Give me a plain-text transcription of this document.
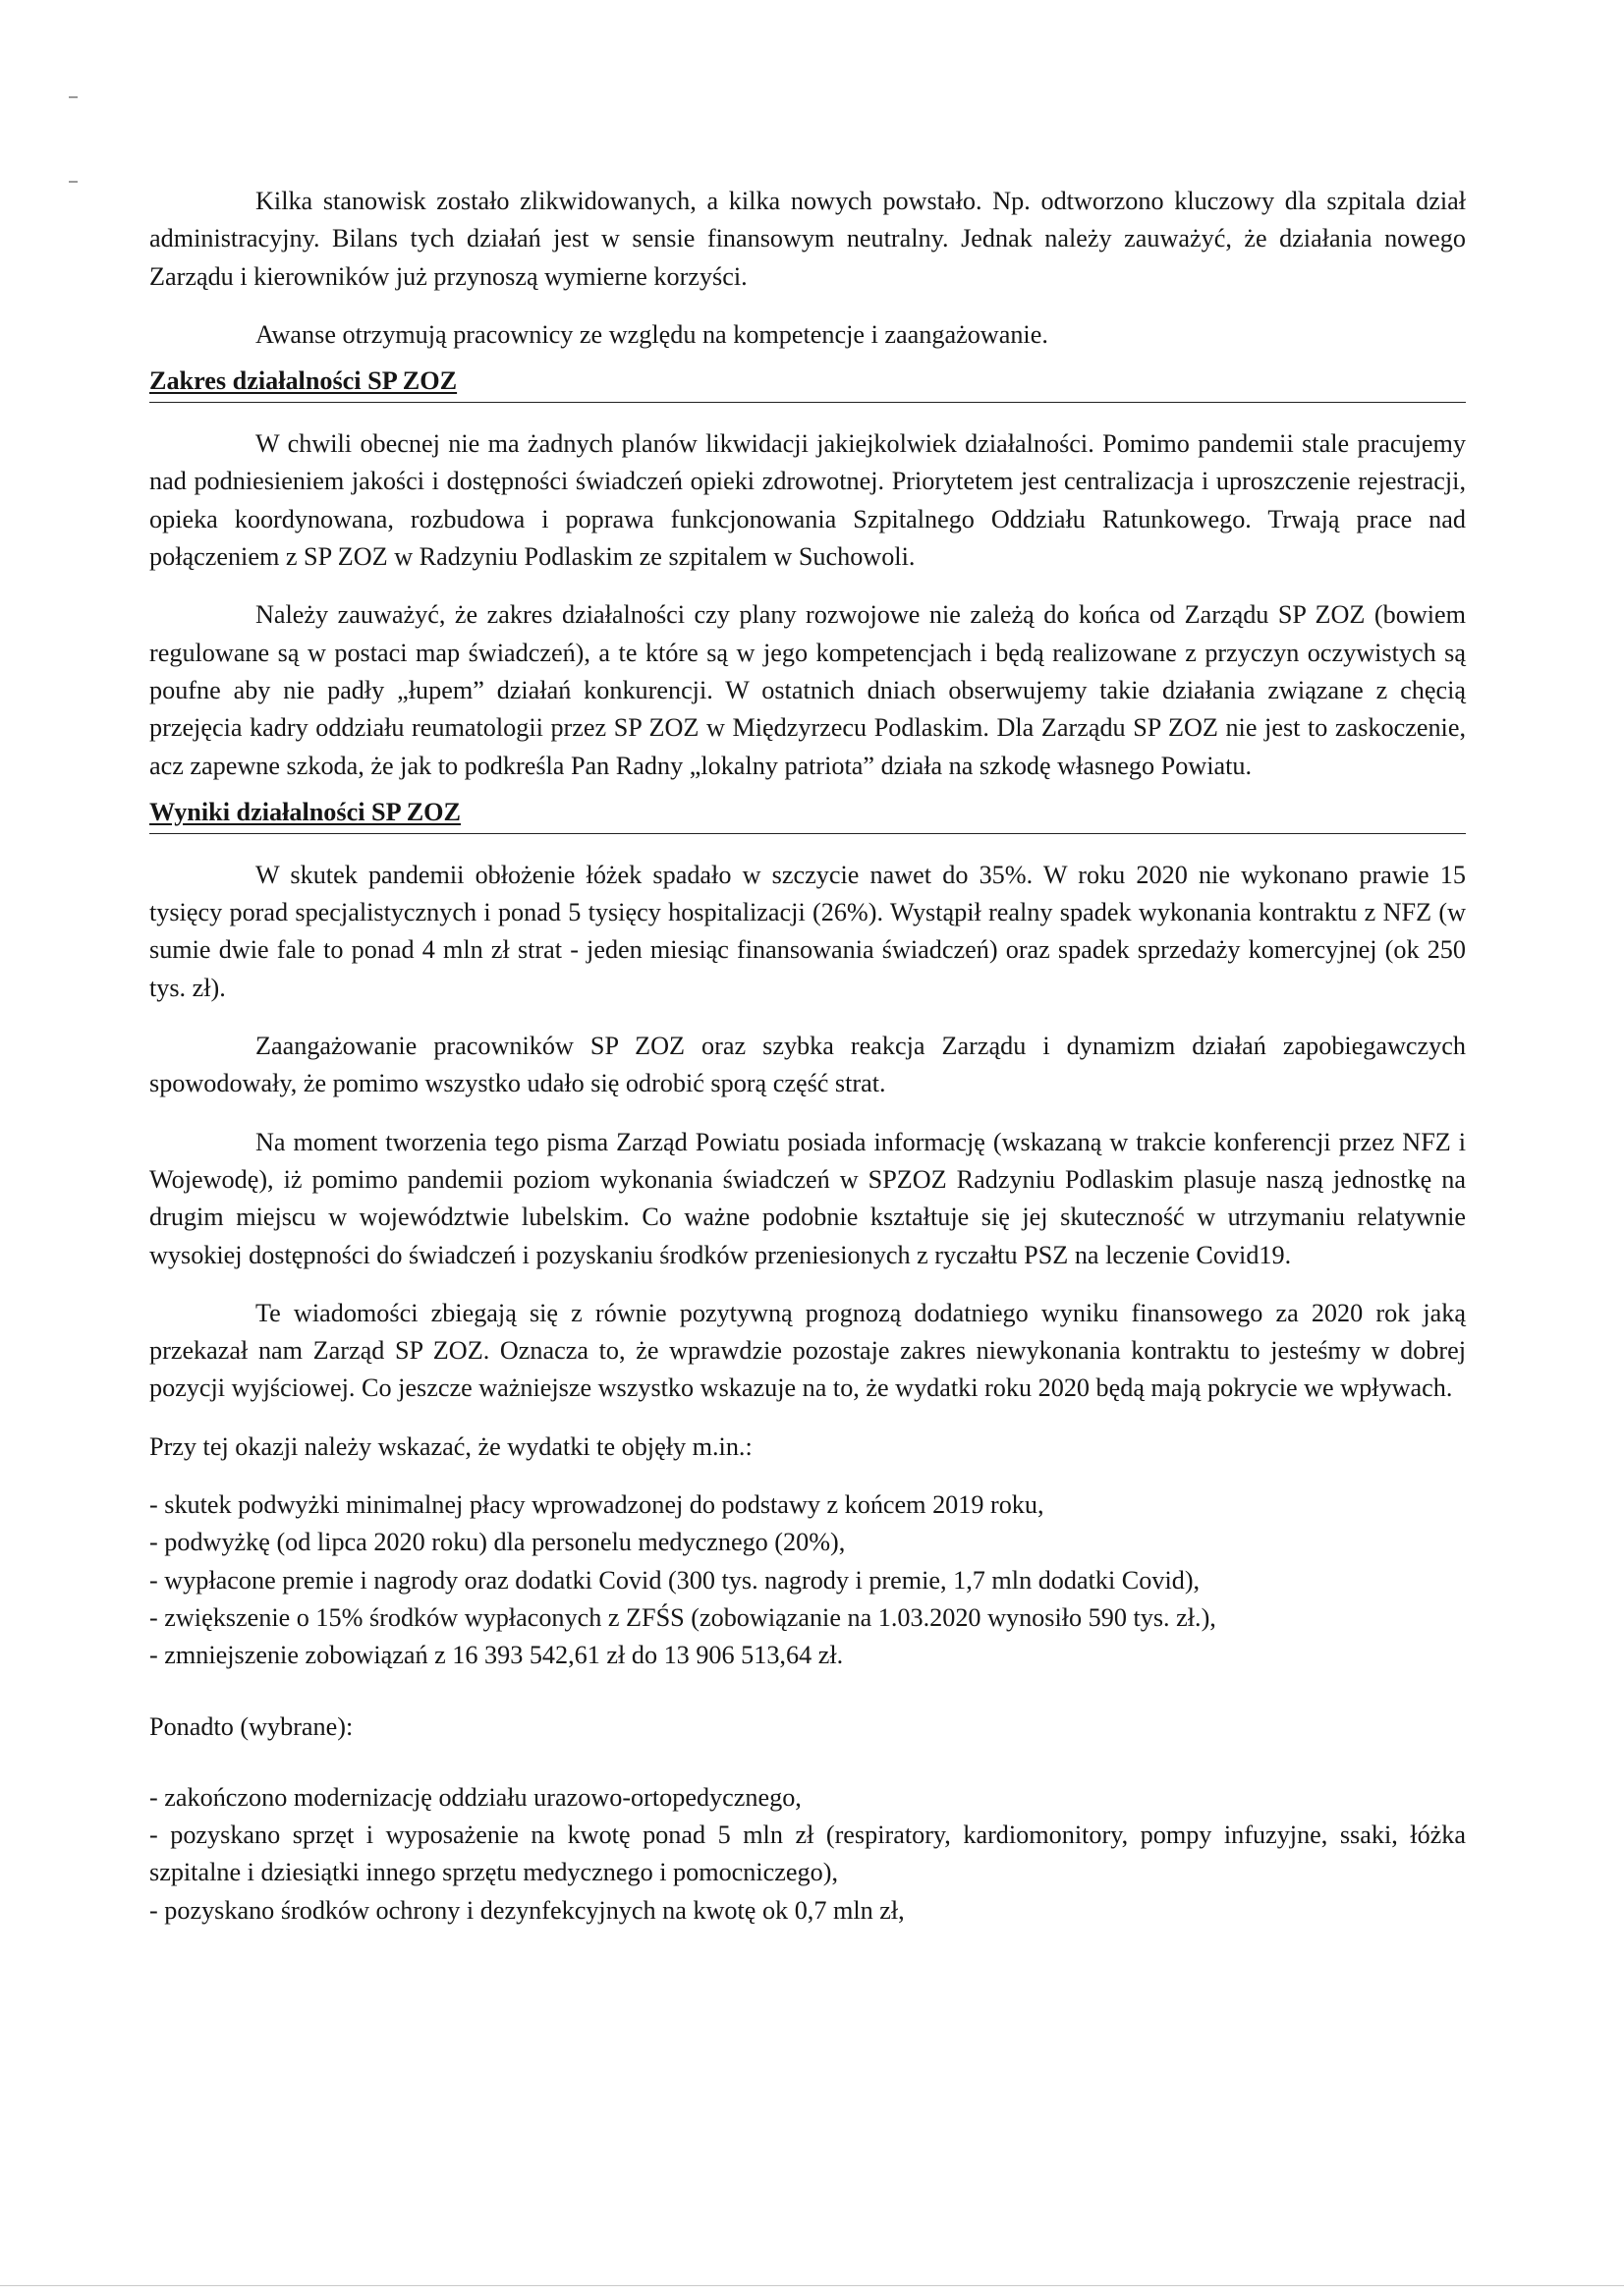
Kilka stanowisk zostało zlikwidowanych, a kilka nowych powstało. Np. odtworzono kluczowy dla szpitala dział administracyjny. Bilans tych działań jest w sensie finansowym neutralny. Jednak należy zauważyć, że działania nowego Zarządu i kierowników już przynoszą wymierne korzyści.

Awanse otrzymują pracownicy ze względu na kompetencje i zaangażowanie.

Zakres działalności SP ZOZ

W chwili obecnej nie ma żadnych planów likwidacji jakiejkolwiek działalności. Pomimo pandemii stale pracujemy nad podniesieniem jakości i dostępności świadczeń opieki zdrowotnej. Priorytetem jest centralizacja i uproszczenie rejestracji, opieka koordynowana, rozbudowa i poprawa funkcjonowania Szpitalnego Oddziału Ratunkowego. Trwają prace nad połączeniem z SP ZOZ w Radzyniu Podlaskim ze szpitalem w Suchowoli.

Należy zauważyć, że zakres działalności czy plany rozwojowe nie zależą do końca od Zarządu SP ZOZ (bowiem regulowane są w postaci map świadczeń), a te które są w jego kompetencjach i będą realizowane z przyczyn oczywistych są poufne aby nie padły „łupem” działań konkurencji. W ostatnich dniach obserwujemy takie działania związane z chęcią przejęcia kadry oddziału reumatologii przez SP ZOZ w Międzyrzecu Podlaskim. Dla Zarządu SP ZOZ nie jest to zaskoczenie, acz zapewne szkoda, że jak to podkreśla Pan Radny „lokalny patriota” działa na szkodę własnego Powiatu.

Wyniki działalności SP ZOZ

W skutek pandemii obłożenie łóżek spadało w szczycie nawet do 35%. W roku 2020 nie wykonano prawie 15 tysięcy porad specjalistycznych i ponad 5 tysięcy hospitalizacji (26%). Wystąpił realny spadek wykonania kontraktu z NFZ (w sumie dwie fale to ponad 4 mln zł strat - jeden miesiąc finansowania świadczeń) oraz spadek sprzedaży komercyjnej (ok 250 tys. zł).

Zaangażowanie pracowników SP ZOZ oraz szybka reakcja Zarządu i dynamizm działań zapobiegawczych spowodowały, że pomimo wszystko udało się odrobić sporą część strat.

Na moment tworzenia tego pisma Zarząd Powiatu posiada informację (wskazaną w trakcie konferencji przez NFZ i Wojewodę), iż pomimo pandemii poziom wykonania świadczeń w SPZOZ Radzyniu Podlaskim plasuje naszą jednostkę na drugim miejscu w województwie lubelskim. Co ważne podobnie kształtuje się jej skuteczność w utrzymaniu relatywnie wysokiej dostępności do świadczeń i pozyskaniu środków przeniesionych z ryczałtu PSZ na leczenie Covid19.

Te wiadomości zbiegają się z równie pozytywną prognozą dodatniego wyniku finansowego za 2020 rok jaką przekazał nam Zarząd SP ZOZ. Oznacza to, że wprawdzie pozostaje zakres niewykonania kontraktu to jesteśmy w dobrej pozycji wyjściowej. Co jeszcze ważniejsze wszystko wskazuje na to, że wydatki roku 2020 będą mają pokrycie we wpływach.

Przy tej okazji należy wskazać, że wydatki te objęły m.in.:

- skutek podwyżki minimalnej płacy wprowadzonej do podstawy z końcem 2019 roku,
- podwyżkę (od lipca 2020 roku) dla personelu medycznego (20%),
- wypłacone premie i nagrody oraz dodatki Covid (300 tys. nagrody i premie, 1,7 mln dodatki Covid),
- zwiększenie o 15% środków wypłaconych z ZFŚS (zobowiązanie na 1.03.2020 wynosiło 590 tys. zł.),
- zmniejszenie zobowiązań z 16 393 542,61 zł do 13 906 513,64 zł.

Ponadto (wybrane):

- zakończono modernizację oddziału urazowo-ortopedycznego,
- pozyskano sprzęt i wyposażenie na kwotę ponad 5 mln zł (respiratory, kardiomonitory, pompy infuzyjne, ssaki, łóżka szpitalne i dziesiątki innego sprzętu medycznego i pomocniczego),
- pozyskano środków ochrony i dezynfekcyjnych na kwotę ok 0,7 mln zł,
